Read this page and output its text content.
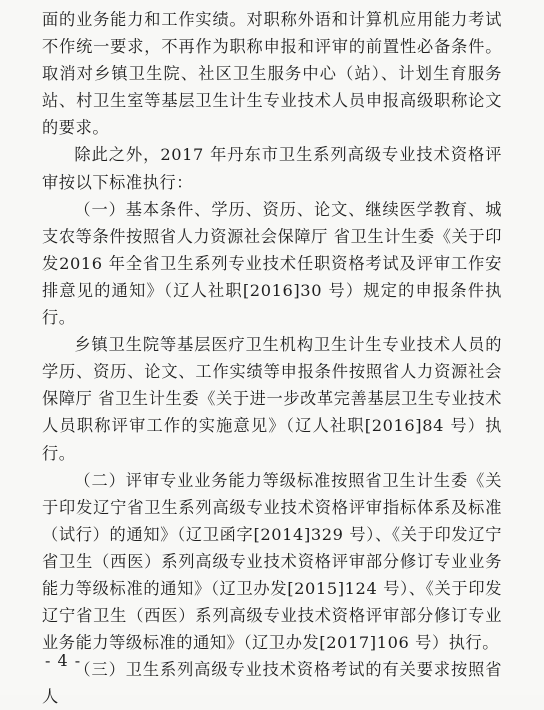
面的业务能力和工作实绩。对职称外语和计算机应用能力考试不作统一要求，不再作为职称申报和评审的前置性必备条件。取消对乡镇卫生院、社区卫生服务中心（站）、计划生育服务站、村卫生室等基层卫生计生专业技术人员申报高级职称论文的要求。

除此之外，2017 年丹东市卫生系列高级专业技术资格评审按以下标准执行：

（一）基本条件、学历、资历、论文、继续医学教育、城支农等条件按照省人力资源社会保障厅 省卫生计生委《关于印发2016 年全省卫生系列专业技术任职资格考试及评审工作安排意见的通知》（辽人社职[2016]30 号）规定的申报条件执行。

乡镇卫生院等基层医疗卫生机构卫生计生专业技术人员的学历、资历、论文、工作实绩等申报条件按照省人力资源社会保障厅 省卫生计生委《关于进一步改革完善基层卫生专业技术人员职称评审工作的实施意见》（辽人社职[2016]84 号）执行。

（二）评审专业业务能力等级标准按照省卫生计生委《关于印发辽宁省卫生系列高级专业技术资格评审指标体系及标准（试行）的通知》（辽卫函字[2014]329 号）、《关于印发辽宁省卫生（西医）系列高级专业技术资格评审部分修订专业业务能力等级标准的通知》（辽卫办发[2015]124 号）、《关于印发辽宁省卫生（西医）系列高级专业技术资格评审部分修订专业业务能力等级标准的通知》（辽卫办发[2017]106 号）执行。

（三）卫生系列高级专业技术资格考试的有关要求按照省人

- 4 -
